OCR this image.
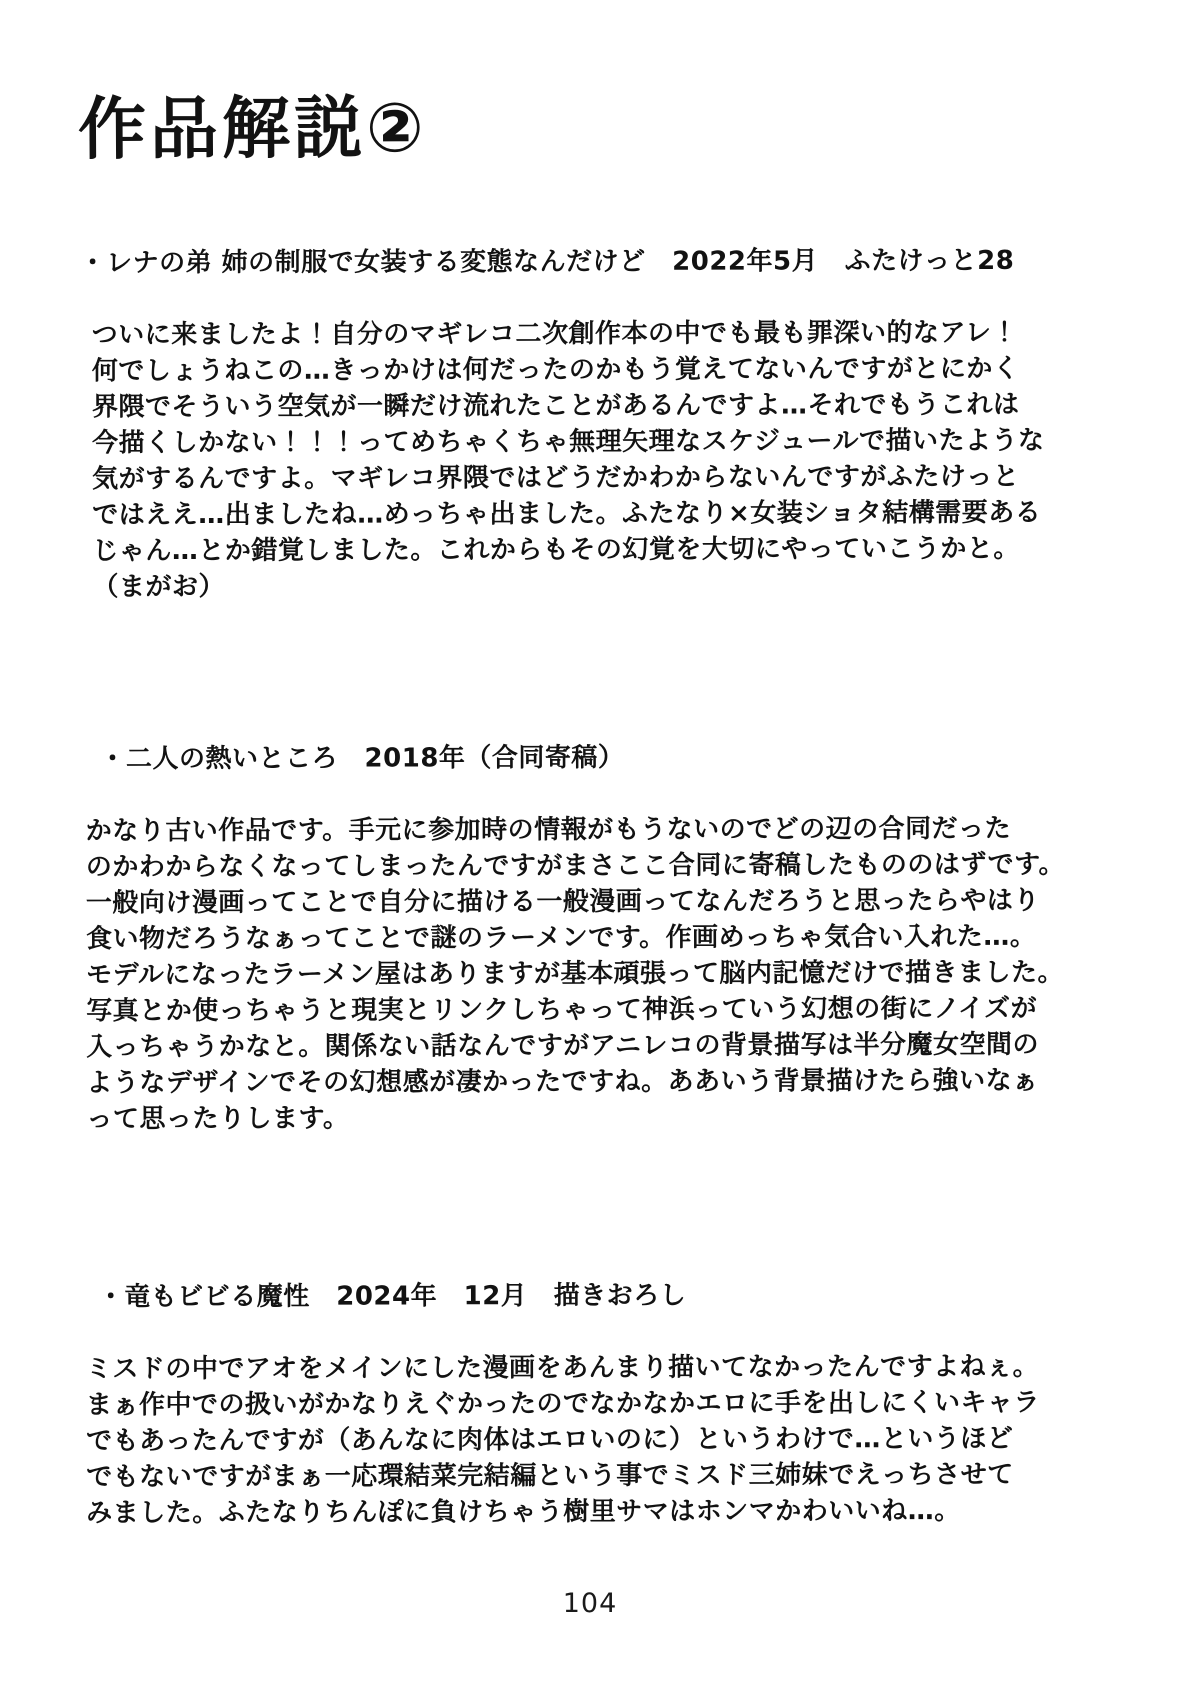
作品解説②

・レナの弟 姉の制服で女装する変態なんだけど　2022年5月　ふたけっと28

ついに来ましたよ！自分のマギレコ二次創作本の中でも最も罪深い的なアレ！
何でしょうねこの…きっかけは何だったのかもう覚えてないんですがとにかく
界隈でそういう空気が一瞬だけ流れたことがあるんですよ…それでもうこれは
今描くしかない！！！ってめちゃくちゃ無理矢理なスケジュールで描いたような
気がするんですよ。マギレコ界隈ではどうだかわからないんですがふたけっと
ではええ…出ましたね…めっちゃ出ました。ふたなり×女装ショタ結構需要ある
じゃん…とか錯覚しました。これからもその幻覚を大切にやっていこうかと。
（まがお）

・二人の熱いところ　2018年（合同寄稿）

かなり古い作品です。手元に参加時の情報がもうないのでどの辺の合同だった
のかわからなくなってしまったんですがまさここ合同に寄稿したもののはずです。
一般向け漫画ってことで自分に描ける一般漫画ってなんだろうと思ったらやはり
食い物だろうなぁってことで謎のラーメンです。作画めっちゃ気合い入れた…。
モデルになったラーメン屋はありますが基本頑張って脳内記憶だけで描きました。
写真とか使っちゃうと現実とリンクしちゃって神浜っていう幻想の街にノイズが
入っちゃうかなと。関係ない話なんですがアニレコの背景描写は半分魔女空間の
ようなデザインでその幻想感が凄かったですね。ああいう背景描けたら強いなぁ
って思ったりします。

・竜もビビる魔性　2024年　12月　描きおろし

ミスドの中でアオをメインにした漫画をあんまり描いてなかったんですよねぇ。
まぁ作中での扱いがかなりえぐかったのでなかなかエロに手を出しにくいキャラ
でもあったんですが（あんなに肉体はエロいのに）というわけで…というほど
でもないですがまぁ一応環結菜完結編という事でミスド三姉妹でえっちさせて
みました。ふたなりちんぽに負けちゃう樹里サマはホンマかわいいね…。

104
